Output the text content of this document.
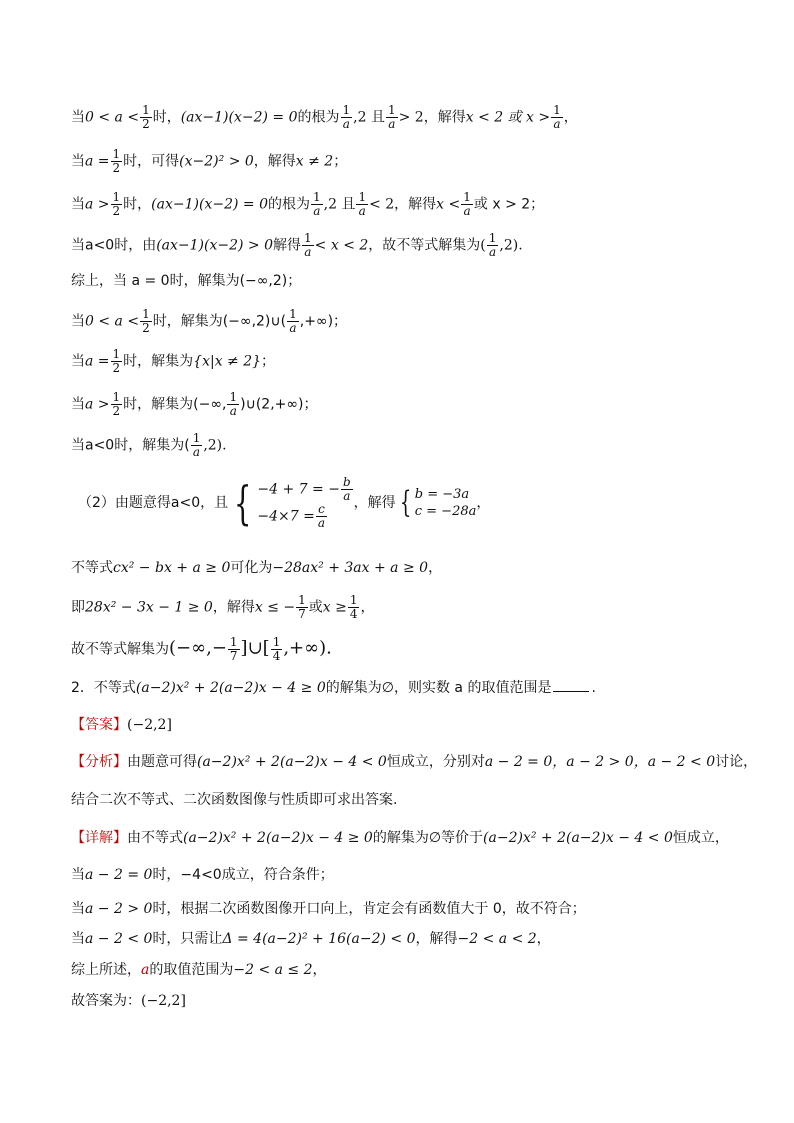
当$0 < a < \frac{1}{2}$ 时，(ax−1)(x−2) = 0的根为 $\frac{1}{a} ,2$ 且 $\frac{1}{a} > 2$，解得x < 2 或 $x > \frac{1}{a}$ ，
当$a = \frac{1}{2}$ 时，可得(x−2)² > 0，解得x ≠ 2；
当$a > \frac{1}{2}$ 时，(ax−1)(x−2) = 0的根为 $\frac{1}{a} ,2$ 且 $\frac{1}{a} < 2$，解得$x < \frac{1}{a}$ 或 x > 2；
当a<0时，由(ax−1)(x−2) > 0解得 $\frac{1}{a} < x < 2$，故不等式解集为( $\frac{1}{a} ,2$).
综上，当 a = 0时，解集为(−∞,2)；
当$0 < a < \frac{1}{2}$ 时，解集为(−∞,2)∪( $\frac{1}{a}$ ,+∞)；
当$a = \frac{1}{2}$ 时，解集为{x|x ≠ 2}；
当$a > \frac{1}{2}$ 时，解集为(−∞, $\frac{1}{a}$ )∪(2,+∞)；
当a<0时，解集为( $\frac{1}{a} ,2$).
（2）由题意得a<0，且 { −4 + 7 = − $\frac{b}{a}$
$-4\times 7 = \frac{c}{a}$ ，解得 { b = −3a
c = −28a
，
不等式cx² − bx + a ≥ 0可化为−28ax² + 3ax + a ≥ 0，
即28x² − 3x − 1 ≥ 0，解得x ≤ − $\frac{1}{7}$ 或$x \ge \frac{1}{4}$ ，
故不等式解集为(−∞,− $\frac{1}{7}$ ]∪[ $\frac{1}{4}$ ,+∞).
2．不等式(a−2)x² + 2(a−2)x − 4 ≥ 0的解集为∅，则实数 a 的取值范围是	.
【答案】(−2,2]
【分析】由题意可得(a−2)x² + 2(a−2)x − 4 < 0恒成立，分别对a − 2 = 0，a − 2 > 0，a − 2 < 0讨论，
结合二次不等式、二次函数图像与性质即可求出答案.
【详解】由不等式(a−2)x² + 2(a−2)x − 4 ≥ 0的解集为∅等价于(a−2)x² + 2(a−2)x − 4 < 0恒成立，
当a − 2 = 0时，−4<0成立，符合条件；
当a − 2 > 0时，根据二次函数图像开口向上，肯定会有函数值大于 0，故不符合；
当a − 2 < 0时，只需让Δ = 4(a−2)² + 16(a−2) < 0，解得−2 < a < 2，
综上所述，a的取值范围为−2 < a ≤ 2，
故答案为：(−2,2]
